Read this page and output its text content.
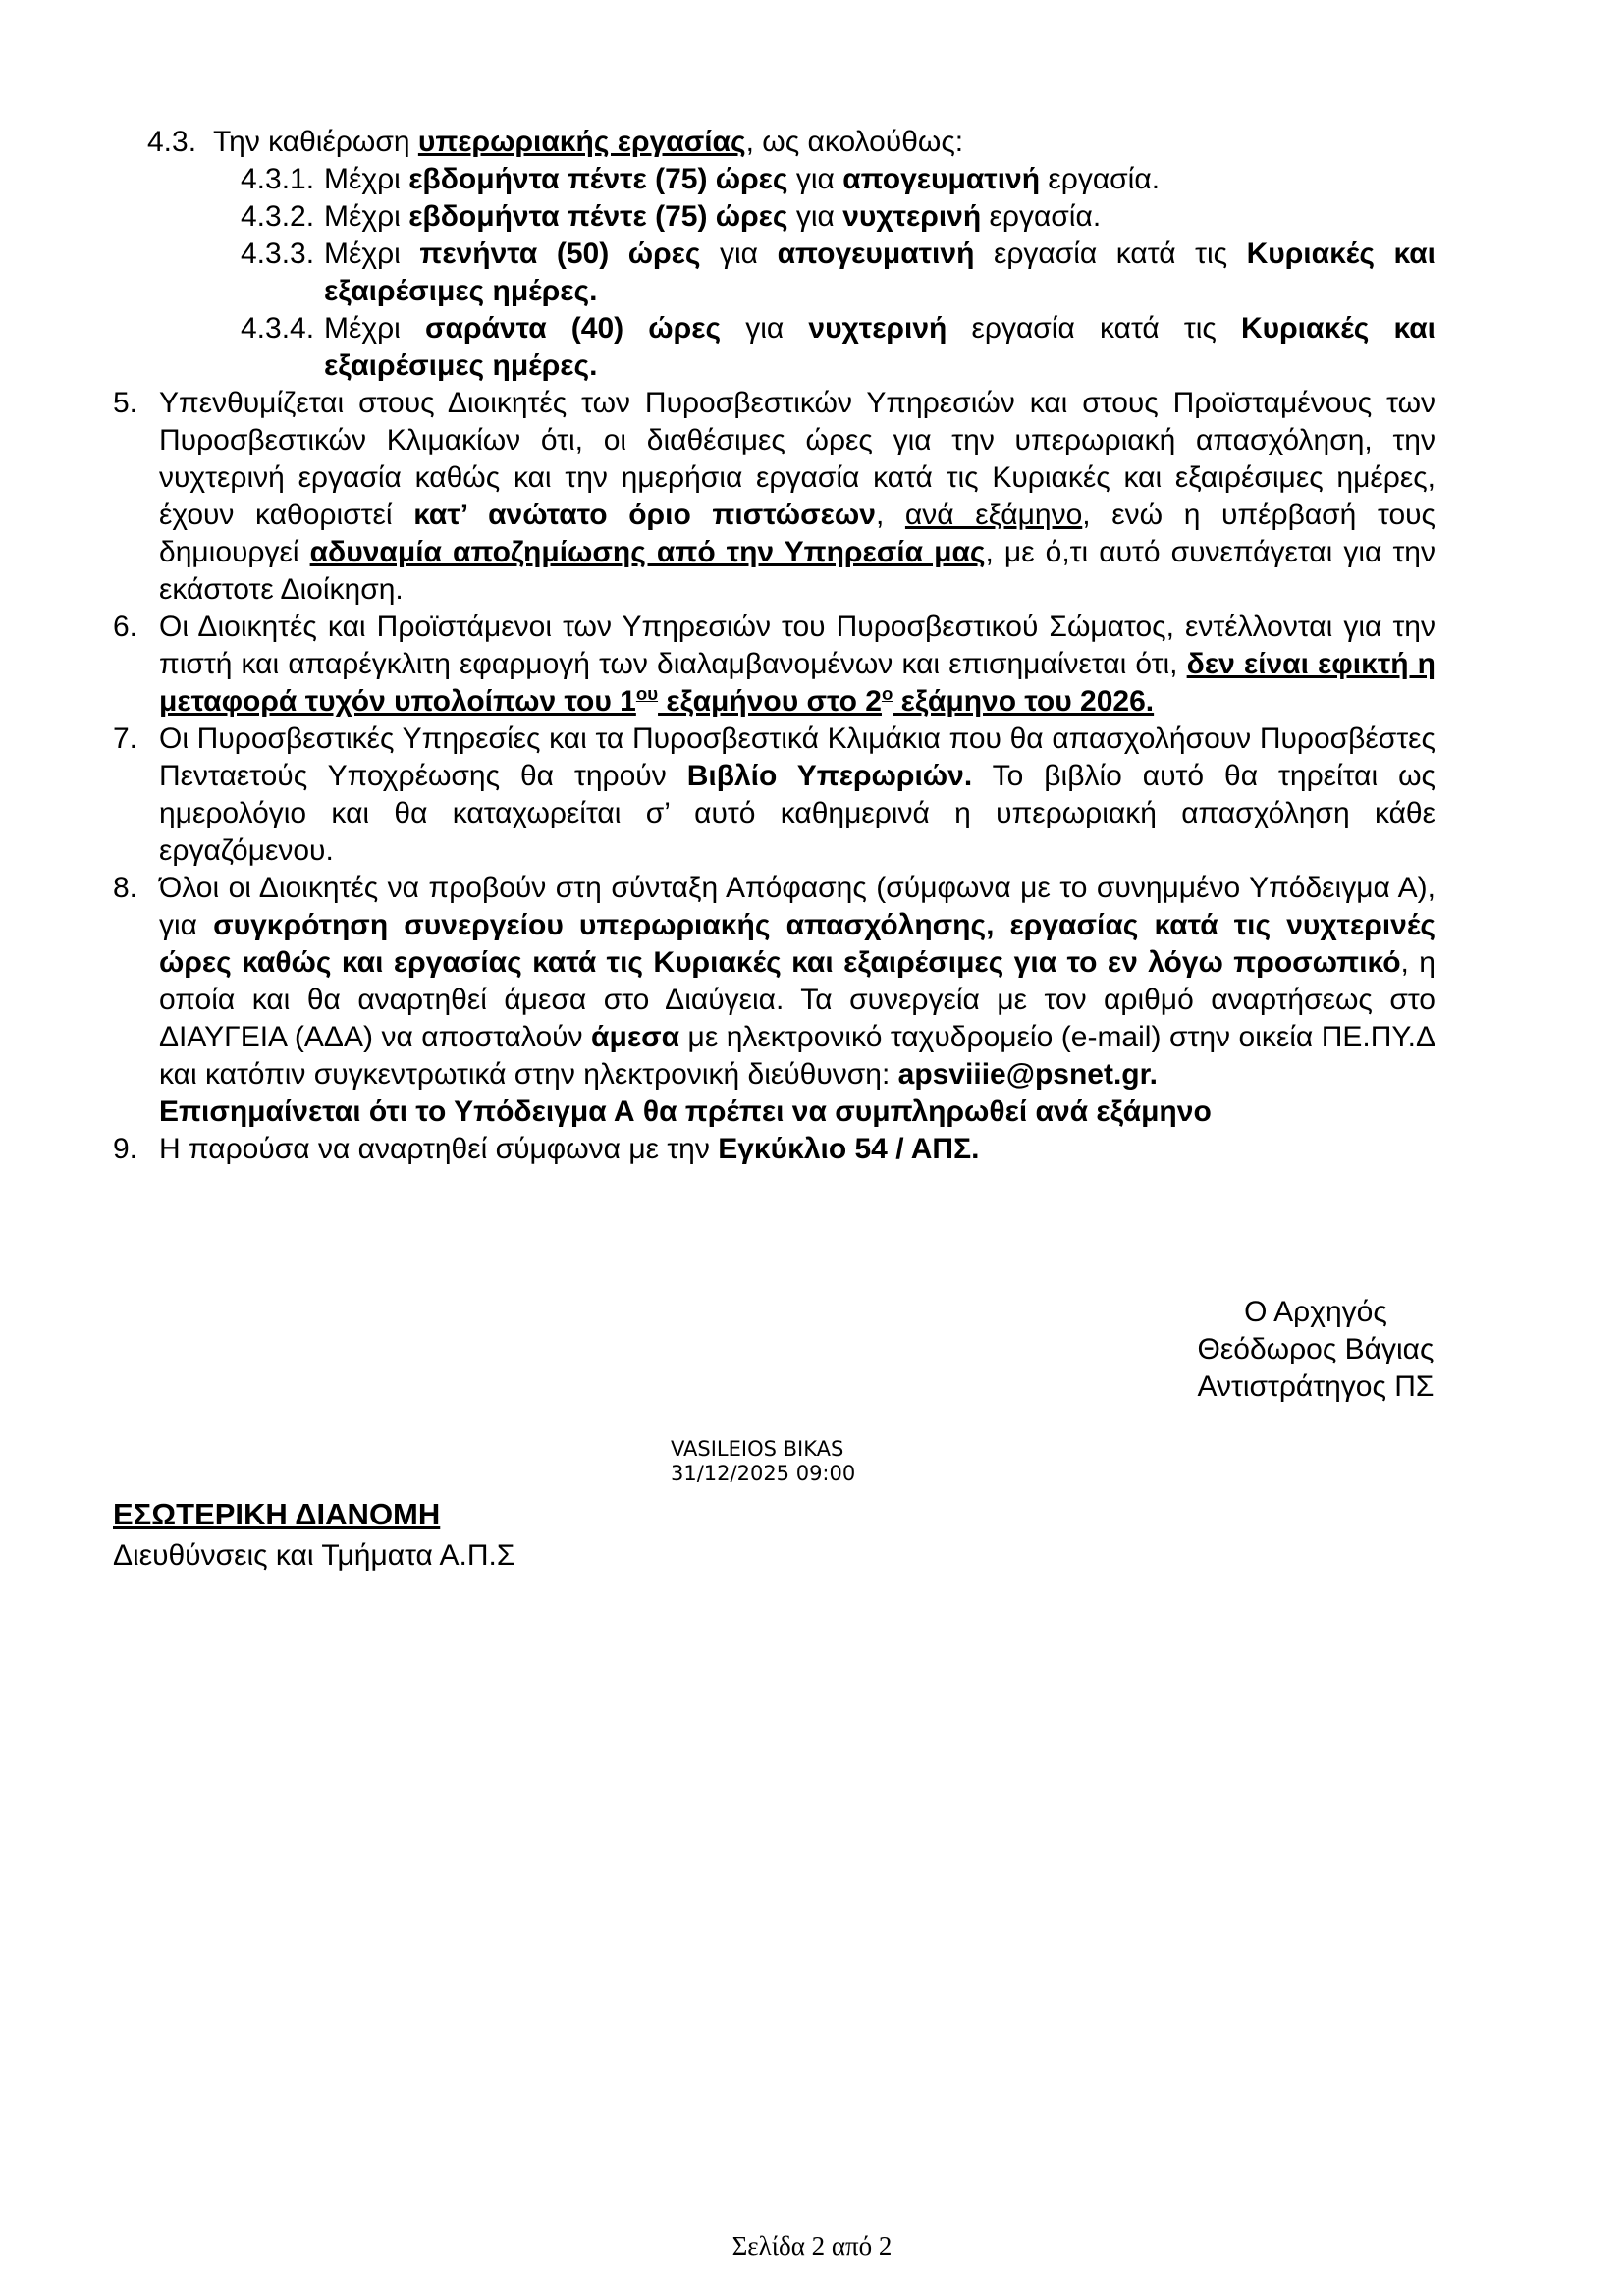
4.3. Την καθιέρωση υπερωριακής εργασίας, ως ακολούθως:
4.3.1. Μέχρι εβδομήντα πέντε (75) ώρες για απογευματινή εργασία.
4.3.2. Μέχρι εβδομήντα πέντε (75) ώρες για νυχτερινή εργασία.
4.3.3. Μέχρι πενήντα (50) ώρες για απογευματινή εργασία κατά τις Κυριακές και εξαιρέσιμες ημέρες.
4.3.4. Μέχρι σαράντα (40) ώρες για νυχτερινή εργασία κατά τις Κυριακές και εξαιρέσιμες ημέρες.
5. Υπενθυμίζεται στους Διοικητές των Πυροσβεστικών Υπηρεσιών και στους Προϊσταμένους των Πυροσβεστικών Κλιμακίων ότι, οι διαθέσιμες ώρες για την υπερωριακή απασχόληση, την νυχτερινή εργασία καθώς και την ημερήσια εργασία κατά τις Κυριακές και εξαιρέσιμες ημέρες, έχουν καθοριστεί κατ’ ανώτατο όριο πιστώσεων, ανά εξάμηνο, ενώ η υπέρβασή τους δημιουργεί αδυναμία αποζημίωσης από την Υπηρεσία μας, με ό,τι αυτό συνεπάγεται για την εκάστοτε Διοίκηση.
6. Οι Διοικητές και Προϊστάμενοι των Υπηρεσιών του Πυροσβεστικού Σώματος, εντέλλονται για την πιστή και απαρέγκλιτη εφαρμογή των διαλαμβανομένων και επισημαίνεται ότι, δεν είναι εφικτή η μεταφορά τυχόν υπολοίπων του $1^{o\upsilon}$ εξαμήνου στο $2^o$ εξάμηνο του 2026.
7. Οι Πυροσβεστικές Υπηρεσίες και τα Πυροσβεστικά Κλιμάκια που θα απασχολήσουν Πυροσβέστες Πενταετούς Υποχρέωσης θα τηρούν Βιβλίο Υπερωριών. Το βιβλίο αυτό θα τηρείται ως ημερολόγιο και θα καταχωρείται σ’ αυτό καθημερινά η υπερωριακή απασχόληση κάθε εργαζόμενου.
8. Όλοι οι Διοικητές να προβούν στη σύνταξη Απόφασης (σύμφωνα με το συνημμένο Υπόδειγμα Α), για συγκρότηση συνεργείου υπερωριακής απασχόλησης, εργασίας κατά τις νυχτερινές ώρες καθώς και εργασίας κατά τις Κυριακές και εξαιρέσιμες για το εν λόγω προσωπικό, η οποία και θα αναρτηθεί άμεσα στο Διαύγεια. Τα συνεργεία με τον αριθμό αναρτήσεως στο ΔΙΑΥΓΕΙΑ (ΑΔΑ) να αποσταλούν άμεσα με ηλεκτρονικό ταχυδρομείο (e-mail) στην οικεία ΠΕ.ΠΥ.Δ και κατόπιν συγκεντρωτικά στην ηλεκτρονική διεύθυνση: apsviiie@psnet.gr.
Επισημαίνεται ότι το Υπόδειγμα Α θα πρέπει να συμπληρωθεί ανά εξάμηνο
9. Η παρούσα να αναρτηθεί σύμφωνα με την Εγκύκλιο 54 / ΑΠΣ.
Ο Αρχηγός
Θεόδωρος Βάγιας
Αντιστράτηγος ΠΣ
VASILEIOS BIKAS
31/12/2025 09:00
ΕΣΩΤΕΡΙΚΗ ΔΙΑΝΟΜΗ
Διευθύνσεις και Τμήματα Α.Π.Σ
Σελίδα 2 από 2
